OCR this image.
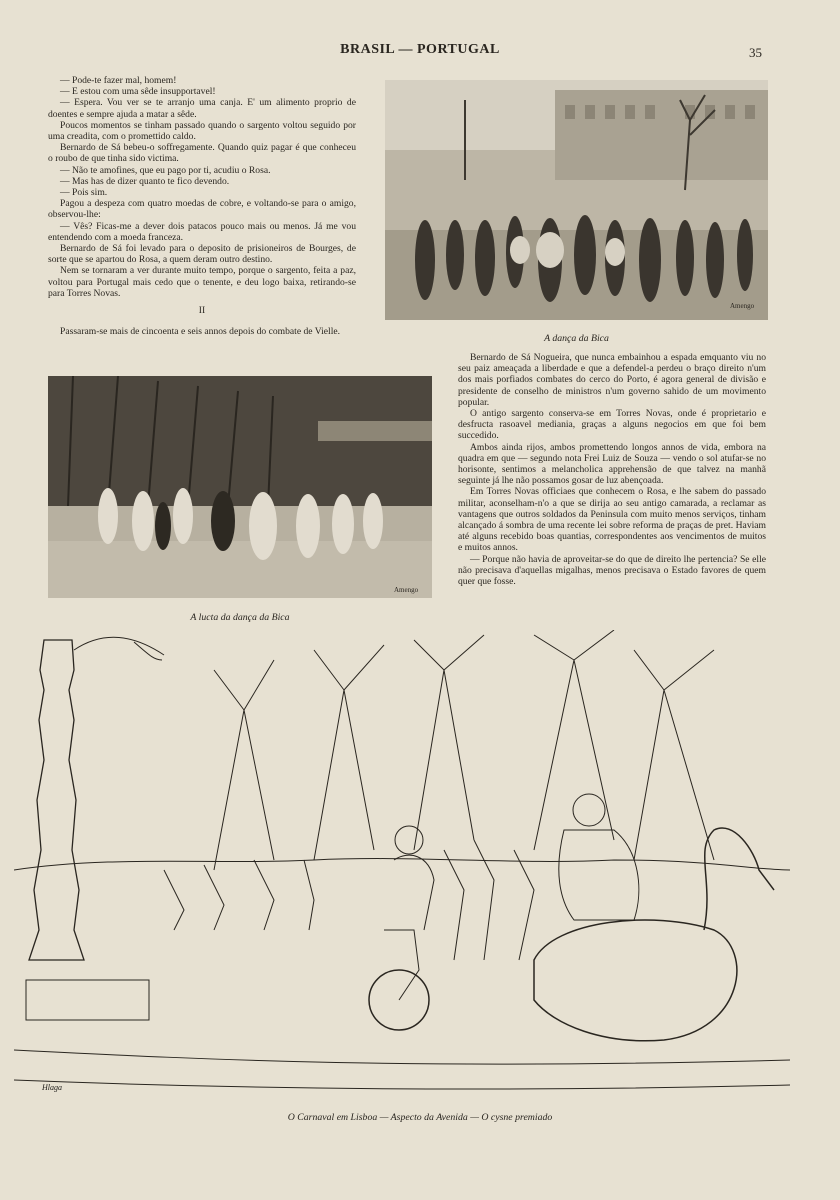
BRASIL — PORTUGAL	35

— Pode-te fazer mal, homem!

— E estou com uma sêde insupportavel!

— Espera. Vou ver se te arranjo uma canja. E' um alimento proprio de doentes e sempre ajuda a matar a sêde.

Poucos momentos se tinham passado quando o sargento voltou seguido por uma creadita, com o promettido caldo.

Bernardo de Sá bebeu-o soffregamente. Quando quiz pagar é que conheceu o roubo de que tinha sido victima.

— Não te amofines, que eu pago por ti, acudiu o Rosa.

— Mas has de dizer quanto te fico devendo.

— Pois sim.

Pagou a despeza com quatro moedas de cobre, e voltando-se para o amigo, observou-lhe:

— Vês? Ficas-me a dever dois patacos pouco mais ou menos. Já me vou entendendo com a moeda franceza.

Bernardo de Sá foi levado para o deposito de prisioneiros de Bourges, de sorte que se apartou do Rosa, a quem deram outro destino.

Nem se tornaram a ver durante muito tempo, porque o sargento, feita a paz, voltou para Portugal mais cedo que o tenente, e deu logo baixa, retirando-se para Torres Novas.

II

Passaram-se mais de cincoenta e seis annos depois do combate de Vielle.

Amengo
A dança da Bica
Amengo
A lucta da dança da Bica

Bernardo de Sá Nogueira, que nunca embainhou a espada emquanto viu no seu paiz ameaçada a liberdade e que a defendel-a perdeu o braço direito n'um dos mais porfiados combates do cerco do Porto, é agora general de divisão e presidente de conselho de ministros n'um governo sahido de um movimento popular.

O antigo sargento conserva-se em Torres Novas, onde é proprietario e desfructa rasoavel mediania, graças a alguns negocios em que foi bem succedido.

Ambos ainda rijos, ambos promettendo longos annos de vida, embora na quadra em que — segundo nota Frei Luiz de Souza — vendo o sol atufar-se no horisonte, sentimos a melancholica apprehensão de que talvez na manhã seguinte já lhe não possamos gosar de luz abençoada.

Em Torres Novas officiaes que conhecem o Rosa, e lhe sabem do passado militar, aconselham-n'o a que se dirija ao seu antigo camarada, a reclamar as vantagens que outros soldados da Peninsula com muito menos serviços, tinham alcançado á sombra de uma recente lei sobre reforma de praças de pret. Haviam até alguns recebido boas quantias, correspondentes aos vencimentos de muitos e muitos annos.

— Porque não havia de aproveitar-se do que de direito lhe pertencia? Se elle não precisava d'aquellas migalhas, menos precisava o Estado favores de quem quer que fosse.

Hlaga
O Carnaval em Lisboa — Aspecto da Avenida — O cysne premiado
